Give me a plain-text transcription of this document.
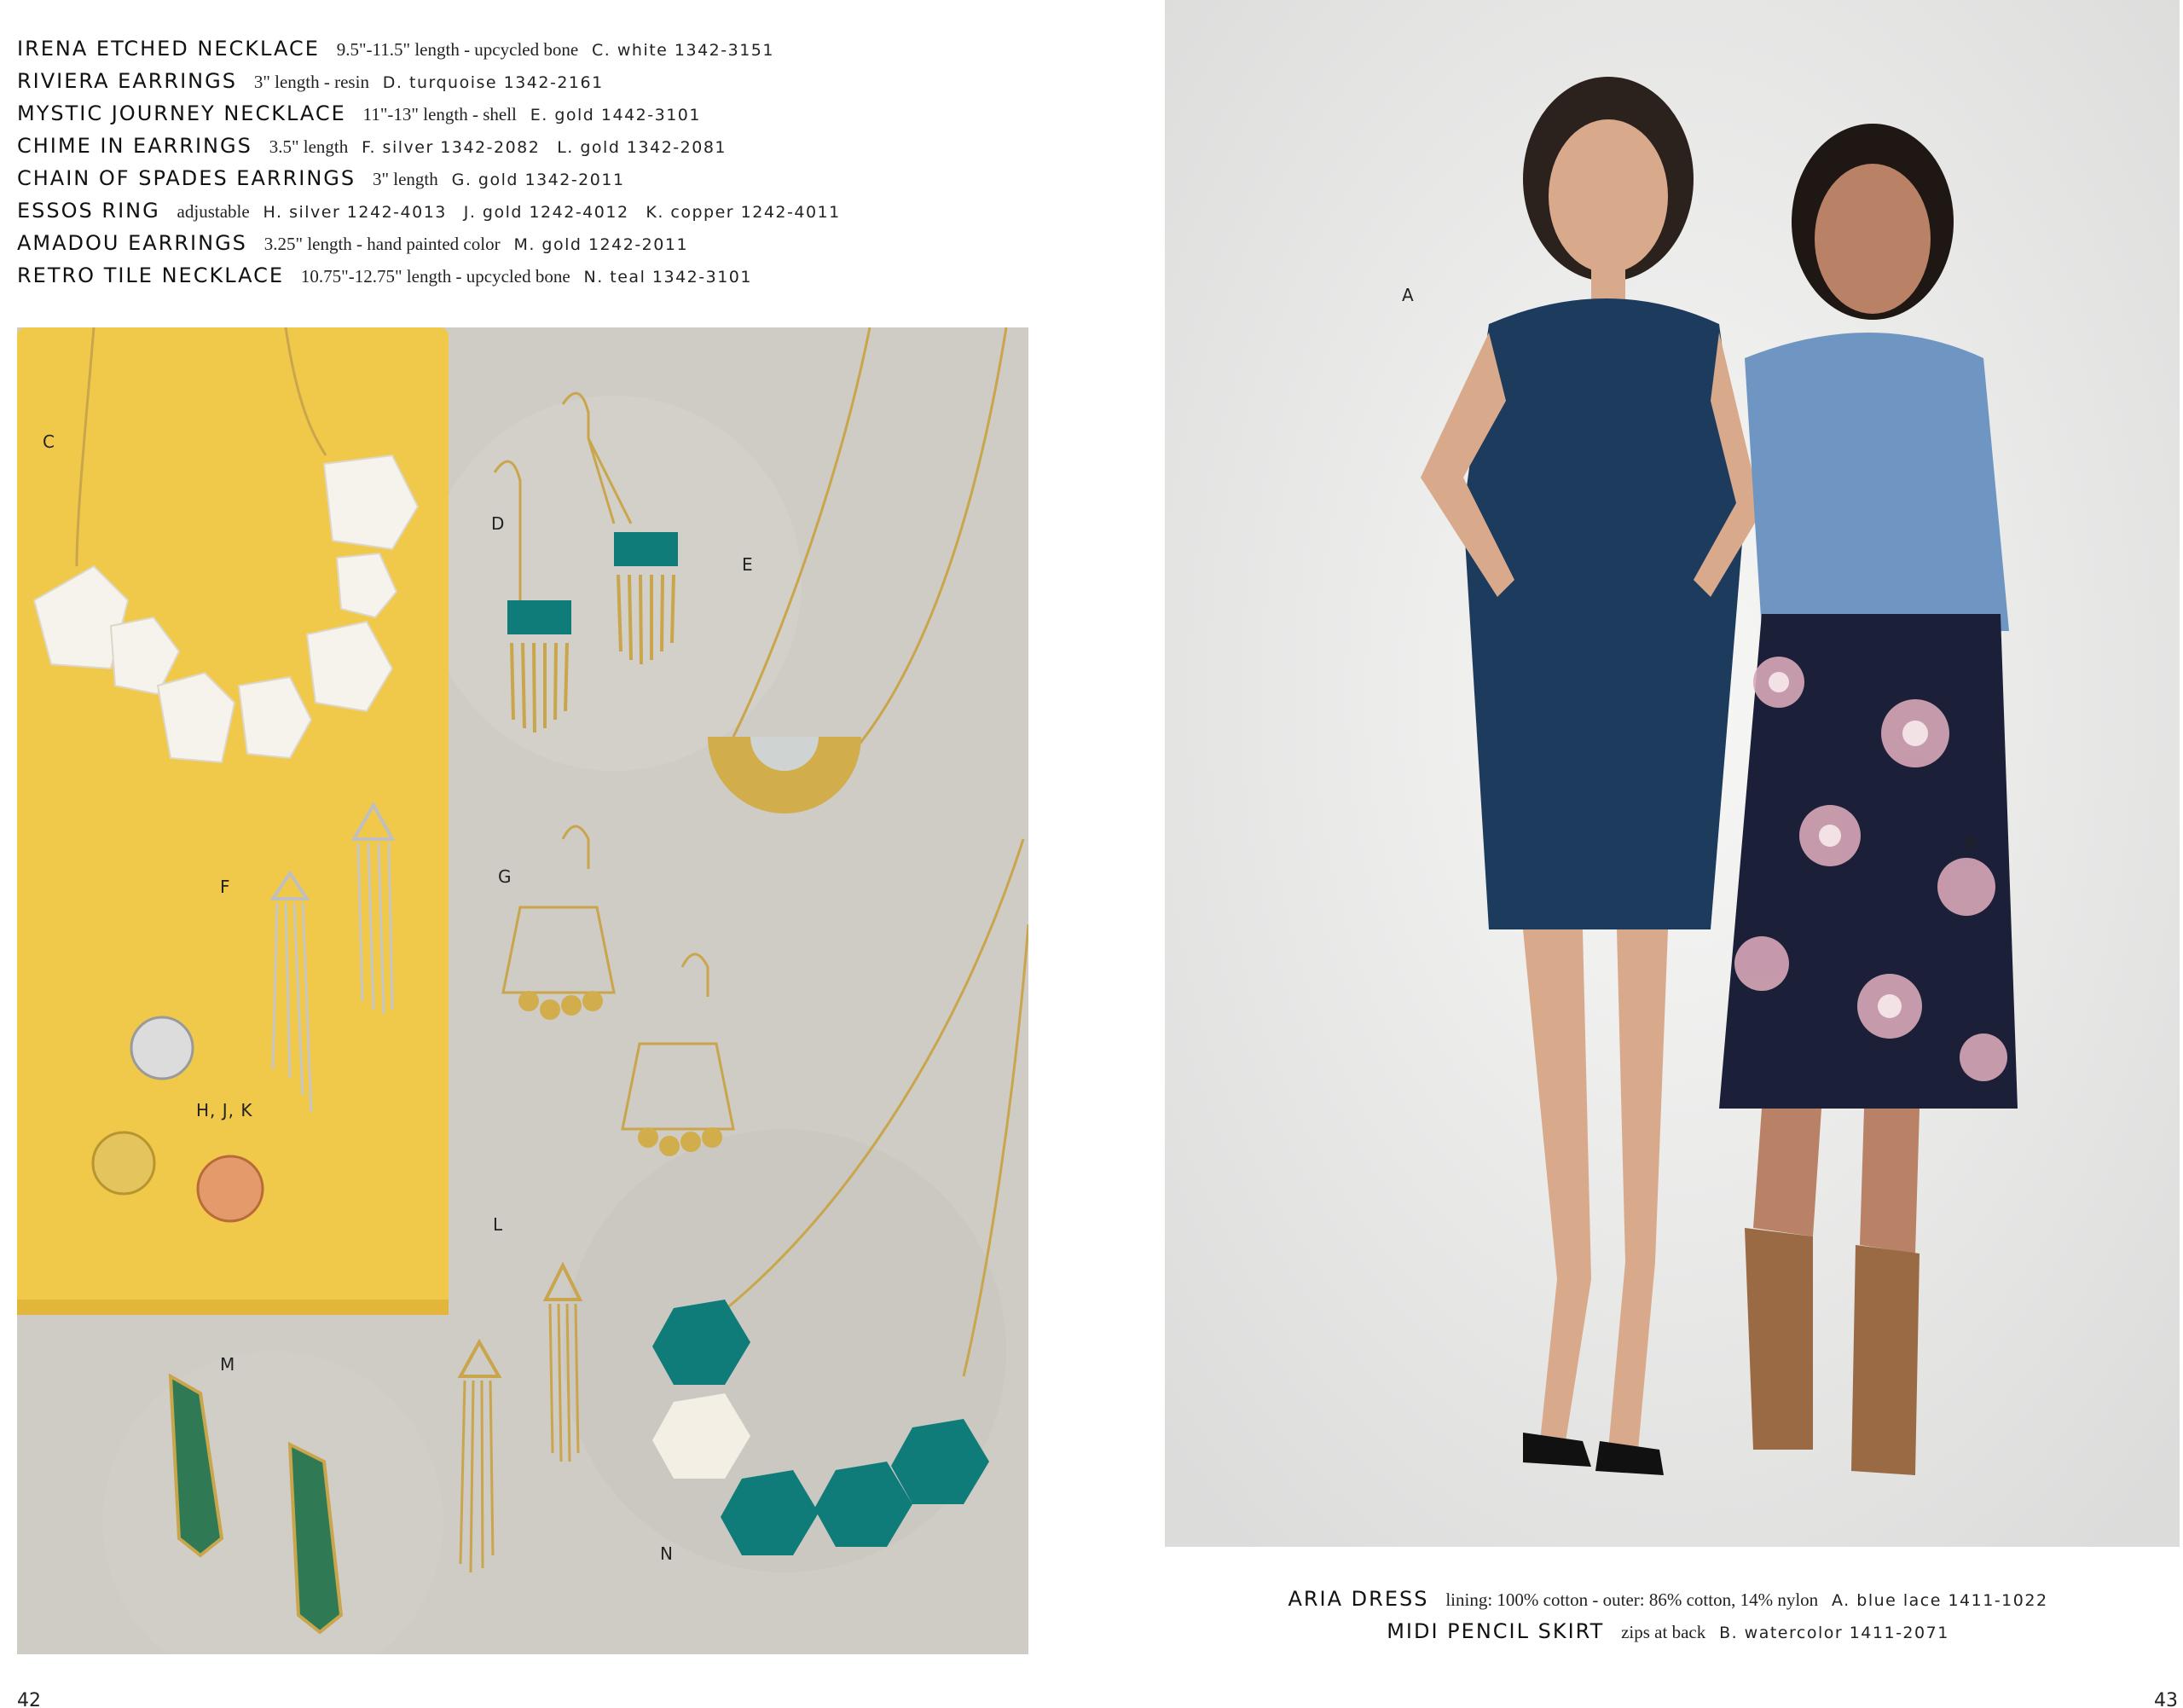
IRENA ETCHED NECKLACE 9.5"-11.5" length - upcycled bone C. white 1342-3151
RIVIERA EARRINGS 3" length - resin D. turquoise 1342-2161
MYSTIC JOURNEY NECKLACE 11"-13" length - shell E. gold 1442-3101
CHIME IN EARRINGS 3.5" length F. silver 1342-2082 L. gold 1342-2081
CHAIN OF SPADES EARRINGS 3" length G. gold 1342-2011
ESSOS RING adjustable H. silver 1242-4013 J. gold 1242-4012 K. copper 1242-4011
AMADOU EARRINGS 3.25" length - hand painted color M. gold 1242-2011
RETRO TILE NECKLACE 10.75"-12.75" length - upcycled bone N. teal 1342-3101
C
D
E
F	G
H, J, K
L
M
N
42
A
B
ARIA DRESS lining: 100% cotton - outer: 86% cotton, 14% nylon A. blue lace 1411-1022
MIDI PENCIL SKIRT zips at back B. watercolor 1411-2071
43
